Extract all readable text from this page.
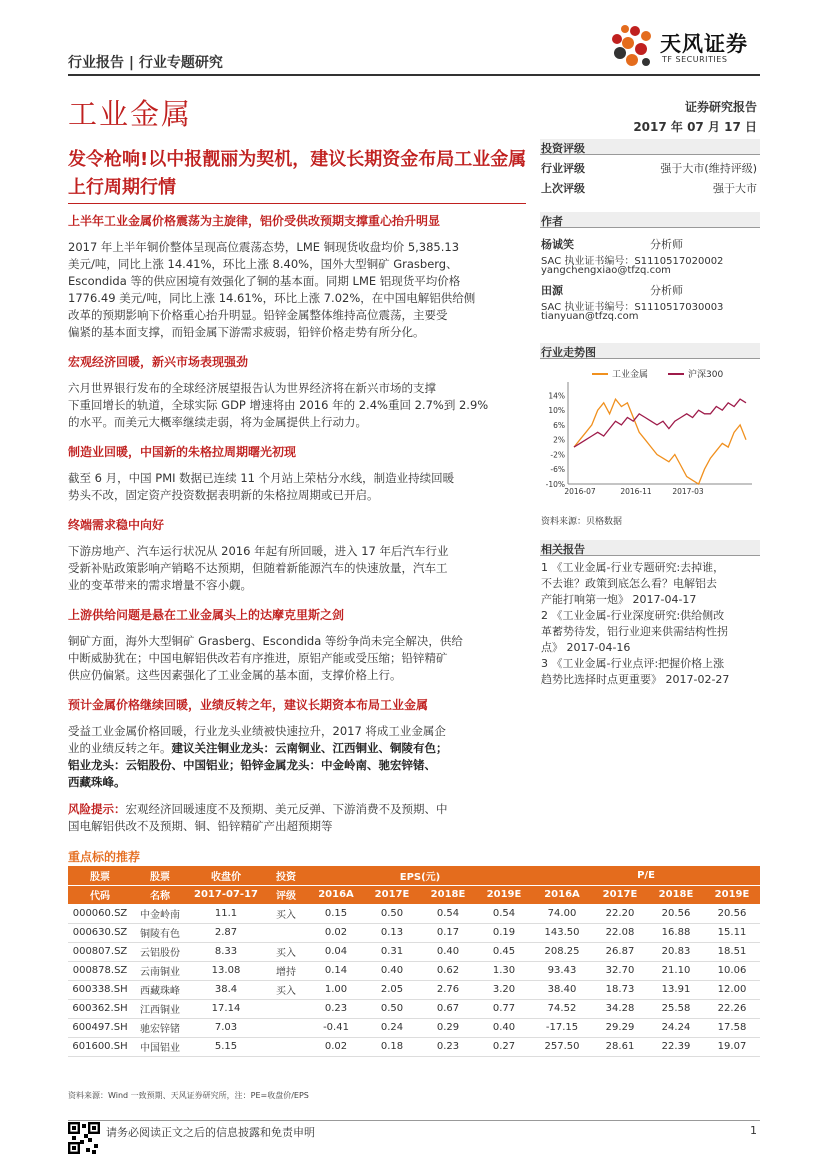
行业报告 | 行业专题研究
天风证券
TF SECURITIES
工业金属	证券研究报告
2017 年 07 月 17 日
发令枪响!以中报靓丽为契机，建议长期资金布局工业金属上行周期行情
上半年工业金属价格震荡为主旋律，铝价受供改预期支撑重心抬升明显
2017 年上半年铜价整体呈现高位震荡态势，LME 铜现货收盘均价 5,385.13
美元/吨，同比上涨 14.41%，环比上涨 8.40%，国外大型铜矿 Grasberg、
Escondida 等的供应困境有效强化了铜的基本面。同期 LME 铝现货平均价格
1776.49 美元/吨，同比上涨 14.61%，环比上涨 7.02%，在中国电解铝供给侧
改革的预期影响下价格重心抬升明显。铅锌金属整体维持高位震荡，主要受
偏紧的基本面支撑，而铅金属下游需求疲弱，铅锌价格走势有所分化。
宏观经济回暖，新兴市场表现强劲
六月世界银行发布的全球经济展望报告认为世界经济将在新兴市场的支撑
下重回增长的轨道，全球实际 GDP 增速将由 2016 年的 2.4%重回 2.7%到 2.9%
的水平。而美元大概率继续走弱，将为金属提供上行动力。
制造业回暖，中国新的朱格拉周期曙光初现
截至 6 月，中国 PMI 数据已连续 11 个月站上荣枯分水线，制造业持续回暖
势头不改，固定资产投资数据表明新的朱格拉周期或已开启。
终端需求稳中向好
下游房地产、汽车运行状况从 2016 年起有所回暖，进入 17 年后汽车行业
受新补贴政策影响产销略不达预期，但随着新能源汽车的快速放量，汽车工
业的变革带来的需求增量不容小觑。
上游供给问题是悬在工业金属头上的达摩克里斯之剑
铜矿方面，海外大型铜矿 Grasberg、Escondida 等纷争尚未完全解决，供给
中断威胁犹在；中国电解铝供改若有序推进，原铝产能或受压缩；铅锌精矿
供应仍偏紧。这些因素强化了工业金属的基本面，支撑价格上行。
预计金属价格继续回暖，业绩反转之年，建议长期资本布局工业金属
受益工业金属价格回暖，行业龙头业绩被快速拉升，2017 将成工业金属企
业的业绩反转之年。建议关注铜业龙头：云南铜业、江西铜业、铜陵有色；
铝业龙头：云铝股份、中国铝业；铅锌金属龙头：中金岭南、驰宏锌锗、
西藏珠峰。
风险提示：宏观经济回暖速度不及预期、美元反弹、下游消费不及预期、中
国电解铝供改不及预期、铜、铅锌精矿产出超预期等
投资评级
行业评级	强于大市(维持评级)
上次评级	强于大市
作者
杨诚笑	分析师
SAC 执业证书编号：S1110517020002
yangchengxiao@tfzq.com
田源	分析师
SAC 执业证书编号：S1110517030003
tianyuan@tfzq.com
行业走势图
14%
10%
6%
2%
-2%
-6%
-10%
2016-07	2016-11	2017-03
工业金属	沪深300
资料来源：贝格数据
相关报告
1 《工业金属-行业专题研究:去掉谁，
不去谁？政策到底怎么看？电解铝去
产能打响第一炮》 2017-04-17
2 《工业金属-行业深度研究:供给侧改
革蓄势待发，铝行业迎来供需结构性拐
点》 2017-04-16
3 《工业金属-行业点评:把握价格上涨
趋势比选择时点更重要》 2017-02-27
重点标的推荐
股票	股票	收盘价	投资	EPS(元)				P/E			
代码	名称	2017-07-17	评级	2016A	2017E	2018E	2019E	2016A	2017E	2018E	2019E
000060.SZ	中金岭南	11.1	买入	0.15	0.50	0.54	0.54	74.00	22.20	20.56	20.56
000630.SZ	铜陵有色	2.87		0.02	0.13	0.17	0.19	143.50	22.08	16.88	15.11
000807.SZ	云铝股份	8.33	买入	0.04	0.31	0.40	0.45	208.25	26.87	20.83	18.51
000878.SZ	云南铜业	13.08	增持	0.14	0.40	0.62	1.30	93.43	32.70	21.10	10.06
600338.SH	西藏珠峰	38.4	买入	1.00	2.05	2.76	3.20	38.40	18.73	13.91	12.00
600362.SH	江西铜业	17.14		0.23	0.50	0.67	0.77	74.52	34.28	25.58	22.26
600497.SH	驰宏锌锗	7.03		-0.41	0.24	0.29	0.40	-17.15	29.29	24.24	17.58
601600.SH	中国铝业	5.15		0.02	0.18	0.23	0.27	257.50	28.61	22.39	19.07
资料来源：Wind 一致预期、天风证券研究所，注：PE=收盘价/EPS
请务必阅读正文之后的信息披露和免责申明	1
